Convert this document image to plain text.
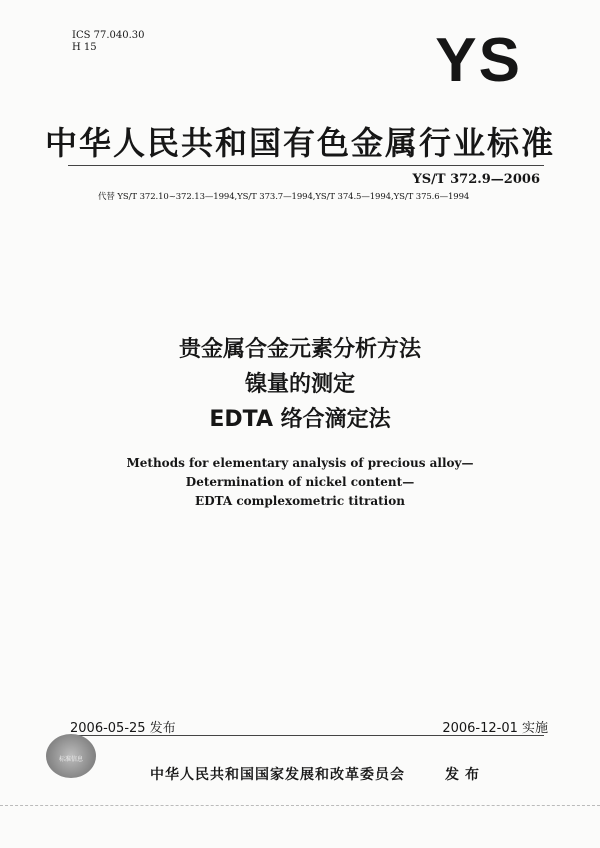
ICS 77.040.30
H 15	YS
中华人民共和国有色金属行业标准
YS/T 372.9—2006
代替 YS/T 372.10~372.13—1994,YS/T 373.7—1994,YS/T 374.5—1994,YS/T 375.6—1994
贵金属合金元素分析方法
镍量的测定
EDTA 络合滴定法
Methods for elementary analysis of precious alloy—
Determination of nickel content—
EDTA complexometric titration
2006-05-25 发布	2006-12-01 实施
标准信息
中华人民共和国国家发展和改革委员会	发布
